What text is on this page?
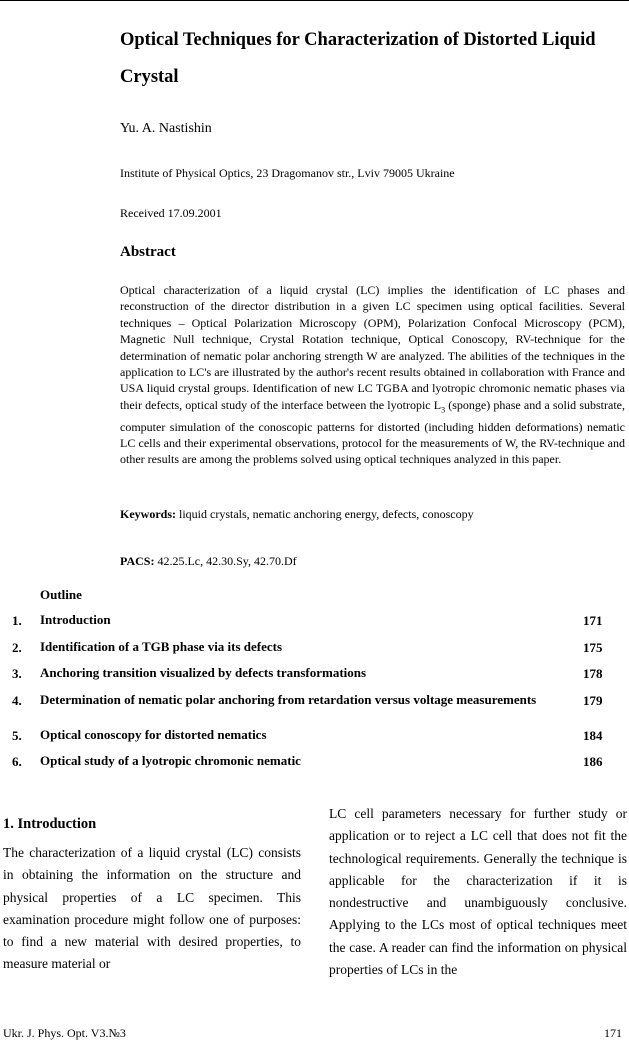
Optical Techniques for Characterization of Distorted Liquid Crystal
Yu. A. Nastishin
Institute of Physical Optics, 23 Dragomanov str., Lviv 79005 Ukraine
Received 17.09.2001
Abstract

Optical characterization of a liquid crystal (LC) implies the identification of LC phases and reconstruction of the director distribution in a given LC specimen using optical facilities. Several techniques – Optical Polarization Microscopy (OPM), Polarization Confocal Microscopy (PCM), Magnetic Null technique, Crystal Rotation technique, Optical Conoscopy, RV-technique for the determination of nematic polar anchoring strength W are analyzed. The abilities of the techniques in the application to LC's are illustrated by the author's recent results obtained in collaboration with France and USA liquid crystal groups. Identification of new LC TGBA and lyotropic chromonic nematic phases via their defects, optical study of the interface between the lyotropic $L_3$ (sponge) phase and a solid substrate, computer simulation of the conoscopic patterns for distorted (including hidden deformations) nematic LC cells and their experimental observations, protocol for the measurements of W, the RV-technique and other results are among the problems solved using optical techniques analyzed in this paper.

Keywords: liquid crystals, nematic anchoring energy, defects, conoscopy
PACS: 42.25.Lc, 42.30.Sy, 42.70.Df
Outline
1. Introduction	171
2. Identification of a TGB phase via its defects	175
3. Anchoring transition visualized by defects transformations	178
4. Determination of nematic polar anchoring from retardation versus voltage measurements	179
5. Optical conoscopy for distorted nematics	184
6. Optical study of a lyotropic chromonic nematic	186
1. Introduction

The characterization of a liquid crystal (LC) consists in obtaining the information on the structure and physical properties of a LC specimen. This examination procedure might follow one of purposes: to find a new material with desired properties, to measure material or

LC cell parameters necessary for further study or application or to reject a LC cell that does not fit the technological requirements. Generally the technique is applicable for the characterization if it is nondestructive and unambiguously conclusive. Applying to the LCs most of optical techniques meet the case. A reader can find the information on physical properties of LCs in the

Ukr. J. Phys. Opt. V3.№3	171
